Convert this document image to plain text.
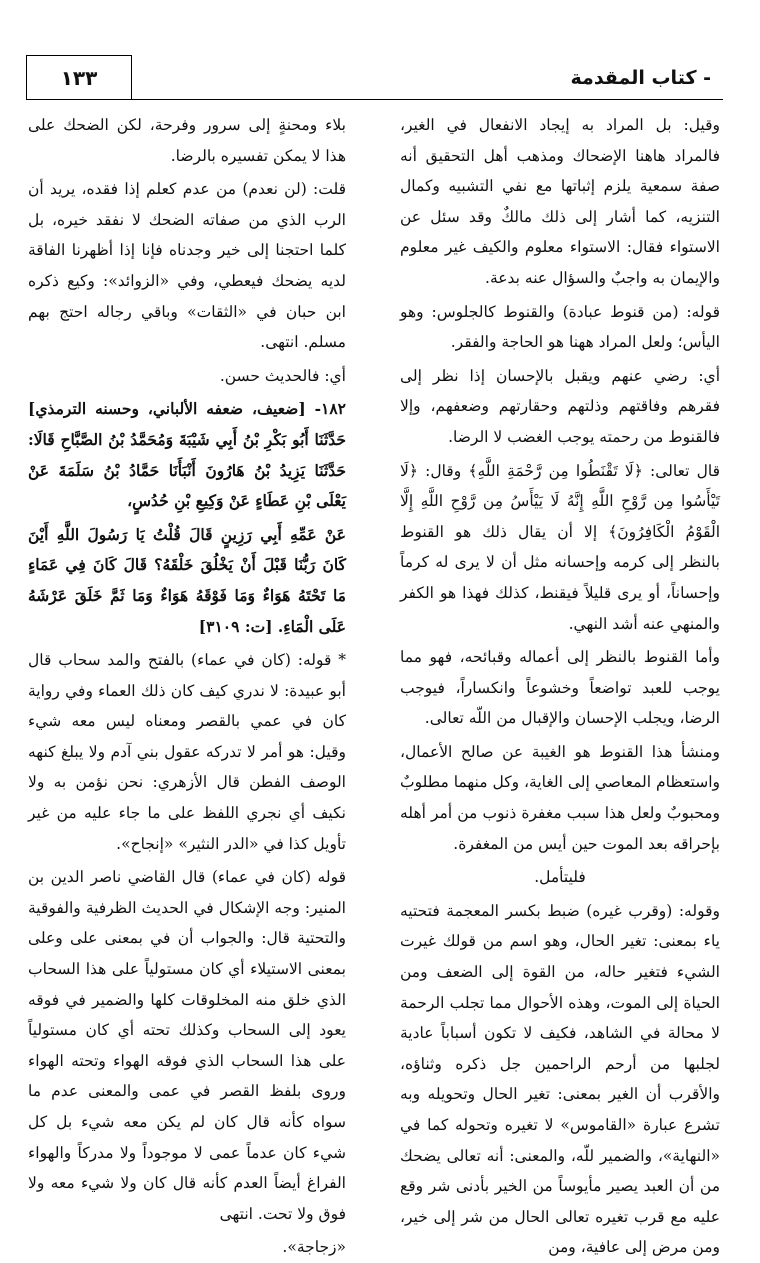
- كتاب المقدمة
١٣٣

وقيل: بل المراد به إيجاد الانفعال في الغير، فالمراد هاهنا الإضحاك ومذهب أهل التحقيق أنه صفة سمعية يلزم إثباتها مع نفي التشبيه وكمال التنزيه، كما أشار إلى ذلك مالكٌ وقد سئل عن الاستواء فقال: الاستواء معلوم والكيف غير معلوم والإيمان به واجبٌ والسؤال عنه بدعة.

قوله: (من قنوط عبادة) والقنوط كالجلوس: وهو اليأس؛ ولعل المراد ههنا هو الحاجة والفقر.

أي: رضي عنهم ويقبل بالإحسان إذا نظر إلى فقرهم وفاقتهم وذلتهم وحقارتهم وضعفهم، وإلا فالقنوط من رحمته يوجب الغضب لا الرضا.

قال تعالى: ﴿لَا تَقْنَطُوا مِن رَّحْمَةِ اللَّهِ﴾ وقال: ﴿لَا تَيْأَسُوا مِن رَّوْحِ اللَّهِ إِنَّهُ لَا يَيْأَسُ مِن رَّوْحِ اللَّهِ إِلَّا الْقَوْمُ الْكَافِرُونَ﴾ إلا أن يقال ذلك هو القنوط بالنظر إلى كرمه وإحسانه مثل أن لا يرى له كرماً وإحساناً، أو يرى قليلاً فيقنط، كذلك فهذا هو الكفر والمنهي عنه أشد النهي.

وأما القنوط بالنظر إلى أعماله وقبائحه، فهو مما يوجب للعبد تواضعاً وخشوعاً وانكساراً، فيوجب الرضا، ويجلب الإحسان والإقبال من اللّه تعالى.

ومنشأ هذا القنوط هو الغيبة عن صالح الأعمال، واستعظام المعاصي إلى الغاية، وكل منهما مطلوبٌ ومحبوبٌ ولعل هذا سبب مغفرة ذنوب من أمر أهله بإحراقه بعد الموت حين أيس من المغفرة.

فليتأمل.

وقوله: (وقرب غيره) ضبط بكسر المعجمة فتحتيه ياء بمعنى: تغير الحال، وهو اسم من قولك غيرت الشيء فتغير حاله، من القوة إلى الضعف ومن الحياة إلى الموت، وهذه الأحوال مما تجلب الرحمة لا محالة في الشاهد، فكيف لا تكون أسباباً عادية لجلبها من أرحم الراحمين جل ذكره وثناؤه، والأقرب أن الغير بمعنى: تغير الحال وتحويله وبه تشرع عبارة «القاموس» لا تغيره وتحوله كما في «النهاية»، والضمير للّه، والمعنى: أنه تعالى يضحك من أن العبد يصير مأيوساً من الخير بأدنى شر وقع عليه مع قرب تغيره تعالى الحال من شر إلى خير، ومن مرض إلى عافية، ومن

بلاء ومحنةٍ إلى سرور وفرحة، لكن الضحك على هذا لا يمكن تفسيره بالرضا.

قلت: (لن نعدم) من عدم كعلم إذا فقده، يريد أن الرب الذي من صفاته الضحك لا نفقد خيره، بل كلما احتجنا إلى خير وجدناه فإنا إذا أظهرنا الفاقة لديه يضحك فيعطي، وفي «الزوائد»: وكيع ذكره ابن حبان في «الثقات» وباقي رجاله احتج بهم مسلم. انتهى.

أي: فالحديث حسن.

١٨٢- [ضعيف، ضعفه الألباني، وحسنه الترمذي] حَدَّثَنَا أَبُو بَكْرِ بْنُ أَبِي شَيْبَةَ وَمُحَمَّدُ بْنُ الصَّبَّاحِ قَالَا: حَدَّثَنَا يَزِيدُ بْنُ هَارُونَ أَنْبَأَنَا حَمَّادُ بْنُ سَلَمَةَ عَنْ يَعْلَى بْنِ عَطَاءٍ عَنْ وَكِيعِ بْنِ حُدُسٍ،

عَنْ عَمِّهِ أَبِي رَزِينٍ قَالَ قُلْتُ يَا رَسُولَ اللَّهِ أَيْنَ كَانَ رَبُّنَا قَبْلَ أَنْ يَخْلُقَ خَلْقَهُ؟ قَالَ كَانَ فِي عَمَاءٍ مَا تَحْتَهُ هَوَاءٌ وَمَا فَوْقَهُ هَوَاءٌ وَمَا ثَمَّ خَلَقَ عَرْشَهُ عَلَى الْمَاءِ. [ت: ٣١٠٩]

* قوله: (كان في عماء) بالفتح والمد سحاب قال أبو عبيدة: لا ندري كيف كان ذلك العماء وفي رواية كان في عمي بالقصر ومعناه ليس معه شيء وقيل: هو أمر لا تدركه عقول بني آدم ولا يبلغ كنهه الوصف الفطن قال الأزهري: نحن نؤمن به ولا نكيف أي نجري اللفظ على ما جاء عليه من غير تأويل كذا في «الدر النثير» «إنجاح».

قوله (كان في عماء) قال القاضي ناصر الدين بن المنير: وجه الإشكال في الحديث الظرفية والفوقية والتحتية قال: والجواب أن في بمعنى على وعلى بمعنى الاستيلاء أي كان مستولياً على هذا السحاب الذي خلق منه المخلوقات كلها والضمير في فوقه يعود إلى السحاب وكذلك تحته أي كان مستولياً على هذا السحاب الذي فوقه الهواء وتحته الهواء وروى بلفظ القصر في عمى والمعنى عدم ما سواه كأنه قال كان لم يكن معه شيء بل كل شيء كان عدماً عمى لا موجوداً ولا مدركاً والهواء الفراغ أيضاً العدم كأنه قال كان ولا شيء معه ولا فوق ولا تحت. انتهى

«زجاجة».
